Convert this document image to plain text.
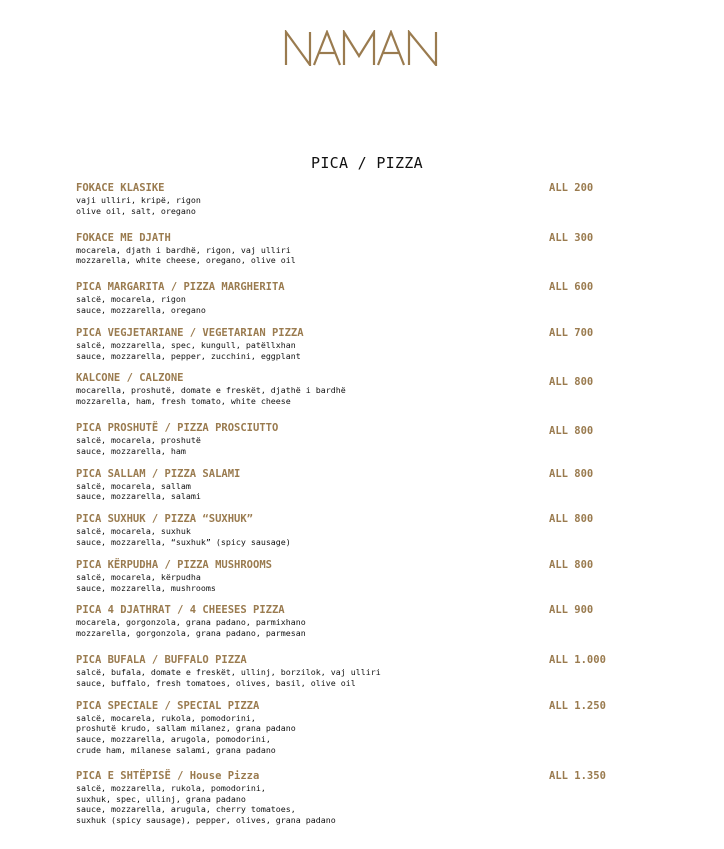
PICA / PIZZA
FOKACE KLASIKE	ALL 200
vaji ulliri, kripë, rigon
olive oil, salt, oregano
FOKACE ME DJATH	ALL 300
mocarela, djath i bardhë, rigon, vaj ulliri
mozzarella, white cheese, oregano, olive oil
PICA MARGARITA / PIZZA MARGHERITA	ALL 600
salcë, mocarela, rigon
sauce, mozzarella, oregano
PICA VEGJETARIANE / VEGETARIAN PIZZA	ALL 700
salcë, mozzarella, spec, kungull, patëllxhan
sauce, mozzarella, pepper, zucchini, eggplant
KALCONE / CALZONE	ALL 800
mocarella, proshutë, domate e freskët, djathë i bardhë
mozzarella, ham, fresh tomato, white cheese
PICA PROSHUTË / PIZZA PROSCIUTTO	ALL 800
salcë, mocarela, proshutë
sauce, mozzarella, ham
PICA SALLAM / PIZZA SALAMI	ALL 800
salcë, mocarela, sallam
sauce, mozzarella, salami
PICA SUXHUK / PIZZA “SUXHUK”	ALL 800
salcë, mocarela, suxhuk
sauce, mozzarella, “suxhuk” (spicy sausage)
PICA KËRPUDHA / PIZZA MUSHROOMS	ALL 800
salcë, mocarela, kërpudha
sauce, mozzarella, mushrooms
PICA 4 DJATHRAT / 4 CHEESES PIZZA	ALL 900
mocarela, gorgonzola, grana padano, parmixhano
mozzarella, gorgonzola, grana padano, parmesan
PICA BUFALA / BUFFALO PIZZA	ALL 1.000
salcë, bufala, domate e freskët, ullinj, borzilok, vaj ulliri
sauce, buffalo, fresh tomatoes, olives, basil, olive oil
PICA SPECIALE / SPECIAL PIZZA	ALL 1.250
salcë, mocarela, rukola, pomodorini,
proshutë krudo, sallam milanez, grana padano
sauce, mozzarella, arugola, pomodorini,
crude ham, milanese salami, grana padano
PICA E SHTËPISË / House Pizza	ALL 1.350
salcë, mozzarella, rukola, pomodorini,
suxhuk, spec, ullinj, grana padano
sauce, mozzarella, arugula, cherry tomatoes,
suxhuk (spicy sausage), pepper, olives, grana padano
